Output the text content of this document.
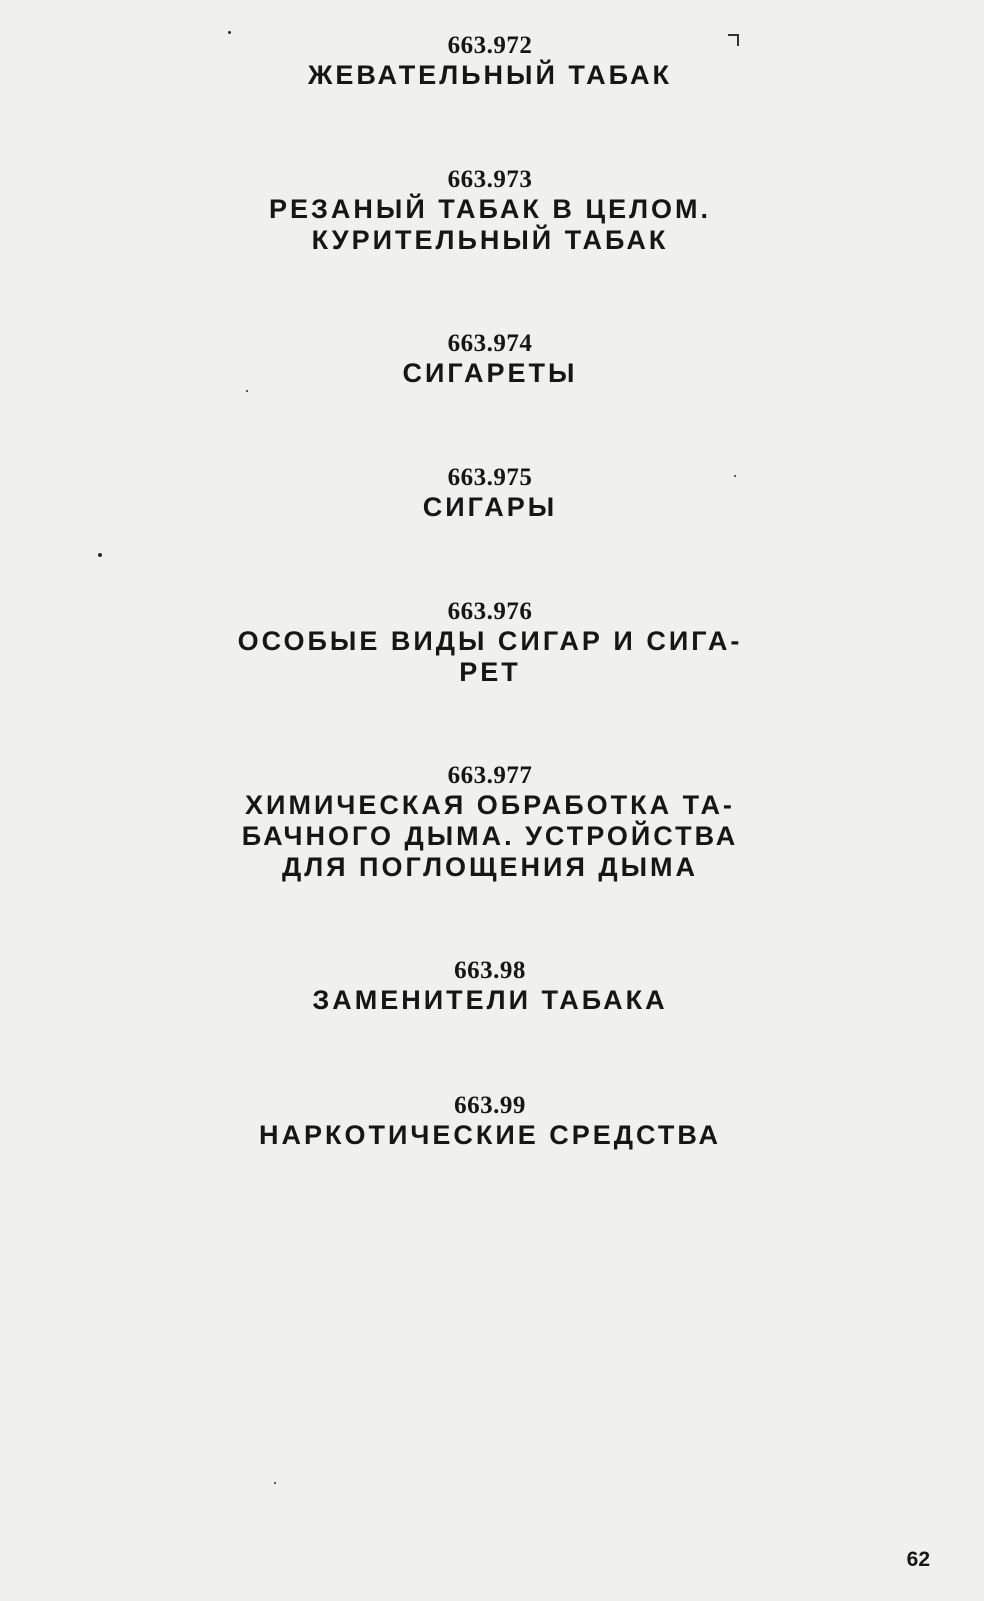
663.972
ЖЕВАТЕЛЬНЫЙ ТАБАК
663.973
РЕЗАНЫЙ ТАБАК В ЦЕЛОМ.
КУРИТЕЛЬНЫЙ ТАБАК
663.974
СИГАРЕТЫ
663.975
СИГАРЫ
663.976
ОСОБЫЕ ВИДЫ СИГАР И СИГА-
РЕТ
663.977
ХИМИЧЕСКАЯ ОБРАБОТКА ТА-
БАЧНОГО ДЫМА. УСТРОЙСТВА
ДЛЯ ПОГЛОЩЕНИЯ ДЫМА
663.98
ЗАМЕНИТЕЛИ ТАБАКА
663.99
НАРКОТИЧЕСКИЕ СРЕДСТВА
62
